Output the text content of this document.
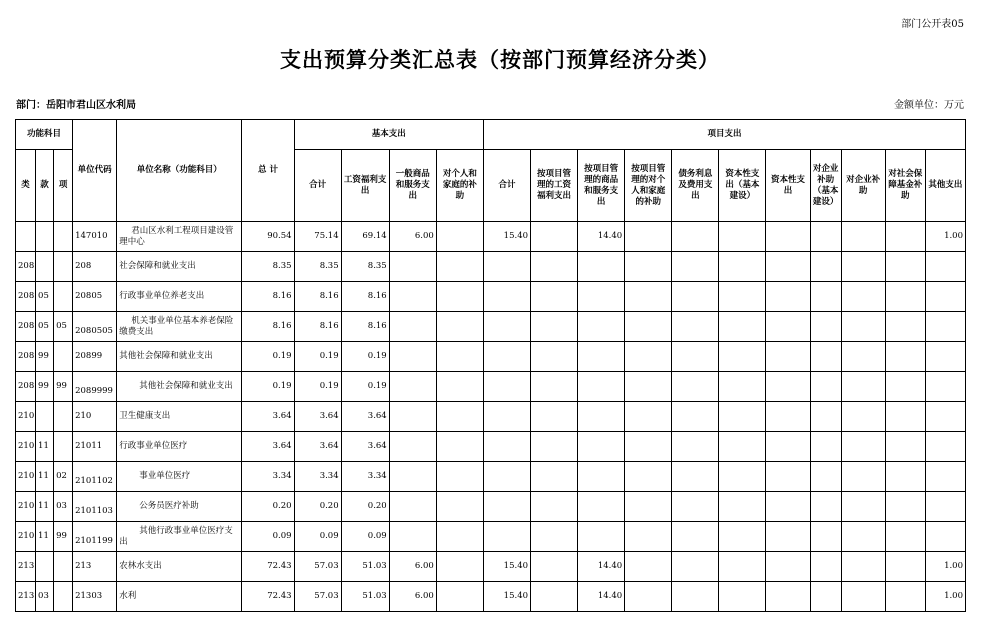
部门公开表05
支出预算分类汇总表（按部门预算经济分类）
部门：岳阳市君山区水利局	金额单位：万元
功能科目			单位代码	单位名称（功能科目）	总 计	基本支出				项目支出										
类	款	项				合计	工资福利支出	一般商品和服务支出	对个人和家庭的补助	合计	按项目管理的工资福利支出	按项目管理的商品和服务支出	按项目管理的对个人和家庭的补助	债务利息及费用支出	资本性支出（基本建设）	资本性支出	对企业补助（基本建设）	对企业补助	对社会保障基金补助	其他支出
			147010	君山区水利工程项目建设管理中心	90.54	75.14	69.14	6.00		15.40		14.40								1.00
208			208	社会保障和就业支出	8.35	8.35	8.35													
208	05		20805	行政事业单位养老支出	8.16	8.16	8.16													
208	05	05	2080505	机关事业单位基本养老保险缴费支出	8.16	8.16	8.16													
208	99		20899	其他社会保障和就业支出	0.19	0.19	0.19													
208	99	99	2089999	其他社会保障和就业支出	0.19	0.19	0.19													
210			210	卫生健康支出	3.64	3.64	3.64													
210	11		21011	行政事业单位医疗	3.64	3.64	3.64													
210	11	02	2101102	事业单位医疗	3.34	3.34	3.34													
210	11	03	2101103	公务员医疗补助	0.20	0.20	0.20													
210	11	99	2101199	其他行政事业单位医疗支出	0.09	0.09	0.09													
213			213	农林水支出	72.43	57.03	51.03	6.00		15.40		14.40								1.00
213	03		21303	水利	72.43	57.03	51.03	6.00		15.40		14.40								1.00
